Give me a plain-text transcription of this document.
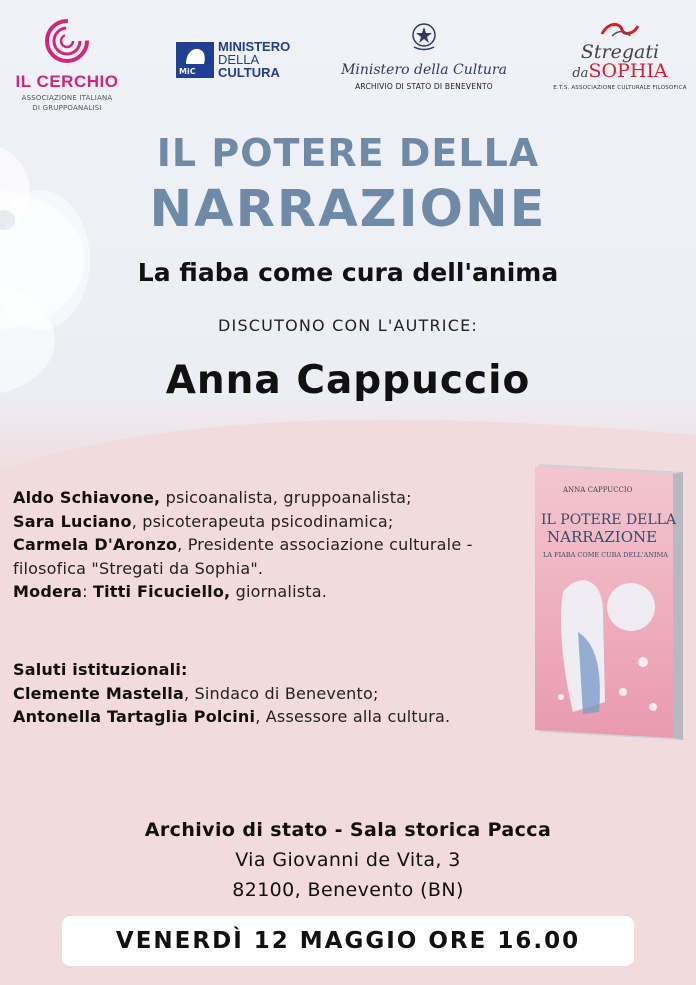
IL CERCHIO
ASSOCIAZIONE ITALIANA
DI GRUPPOANALISI
MiC
MINISTERO
DELLA
CULTURA	Ministero della Cultura
ARCHIVIO DI STATO DI BENEVENTO
Stregati
daSOPHIA
E.T.S. ASSOCIAZIONE CULTURALE FILOSOFICA
IL POTERE DELLA
NARRAZIONE
La fiaba come cura dell'anima
DISCUTONO CON L'AUTRICE:
Anna Cappuccio
Aldo Schiavone, psicoanalista, gruppoanalista;
Sara Luciano, psicoterapeuta psicodinamica;
Carmela D'Aronzo, Presidente associazione culturale - filosofica "Stregati da Sophia".
Modera: Titti Ficuciello, giornalista.
Saluti istituzionali:
Clemente Mastella, Sindaco di Benevento;
Antonella Tartaglia Polcini, Assessore alla cultura.
ANNA CAPPUCCIO
IL POTERE DELLA
NARRAZIONE
LA FIABA COME CURA DELL'ANIMA
Archivio di stato - Sala storica Pacca
Via Giovanni de Vita, 3
82100, Benevento (BN)
VENERDÌ 12 MAGGIO ORE 16.00
